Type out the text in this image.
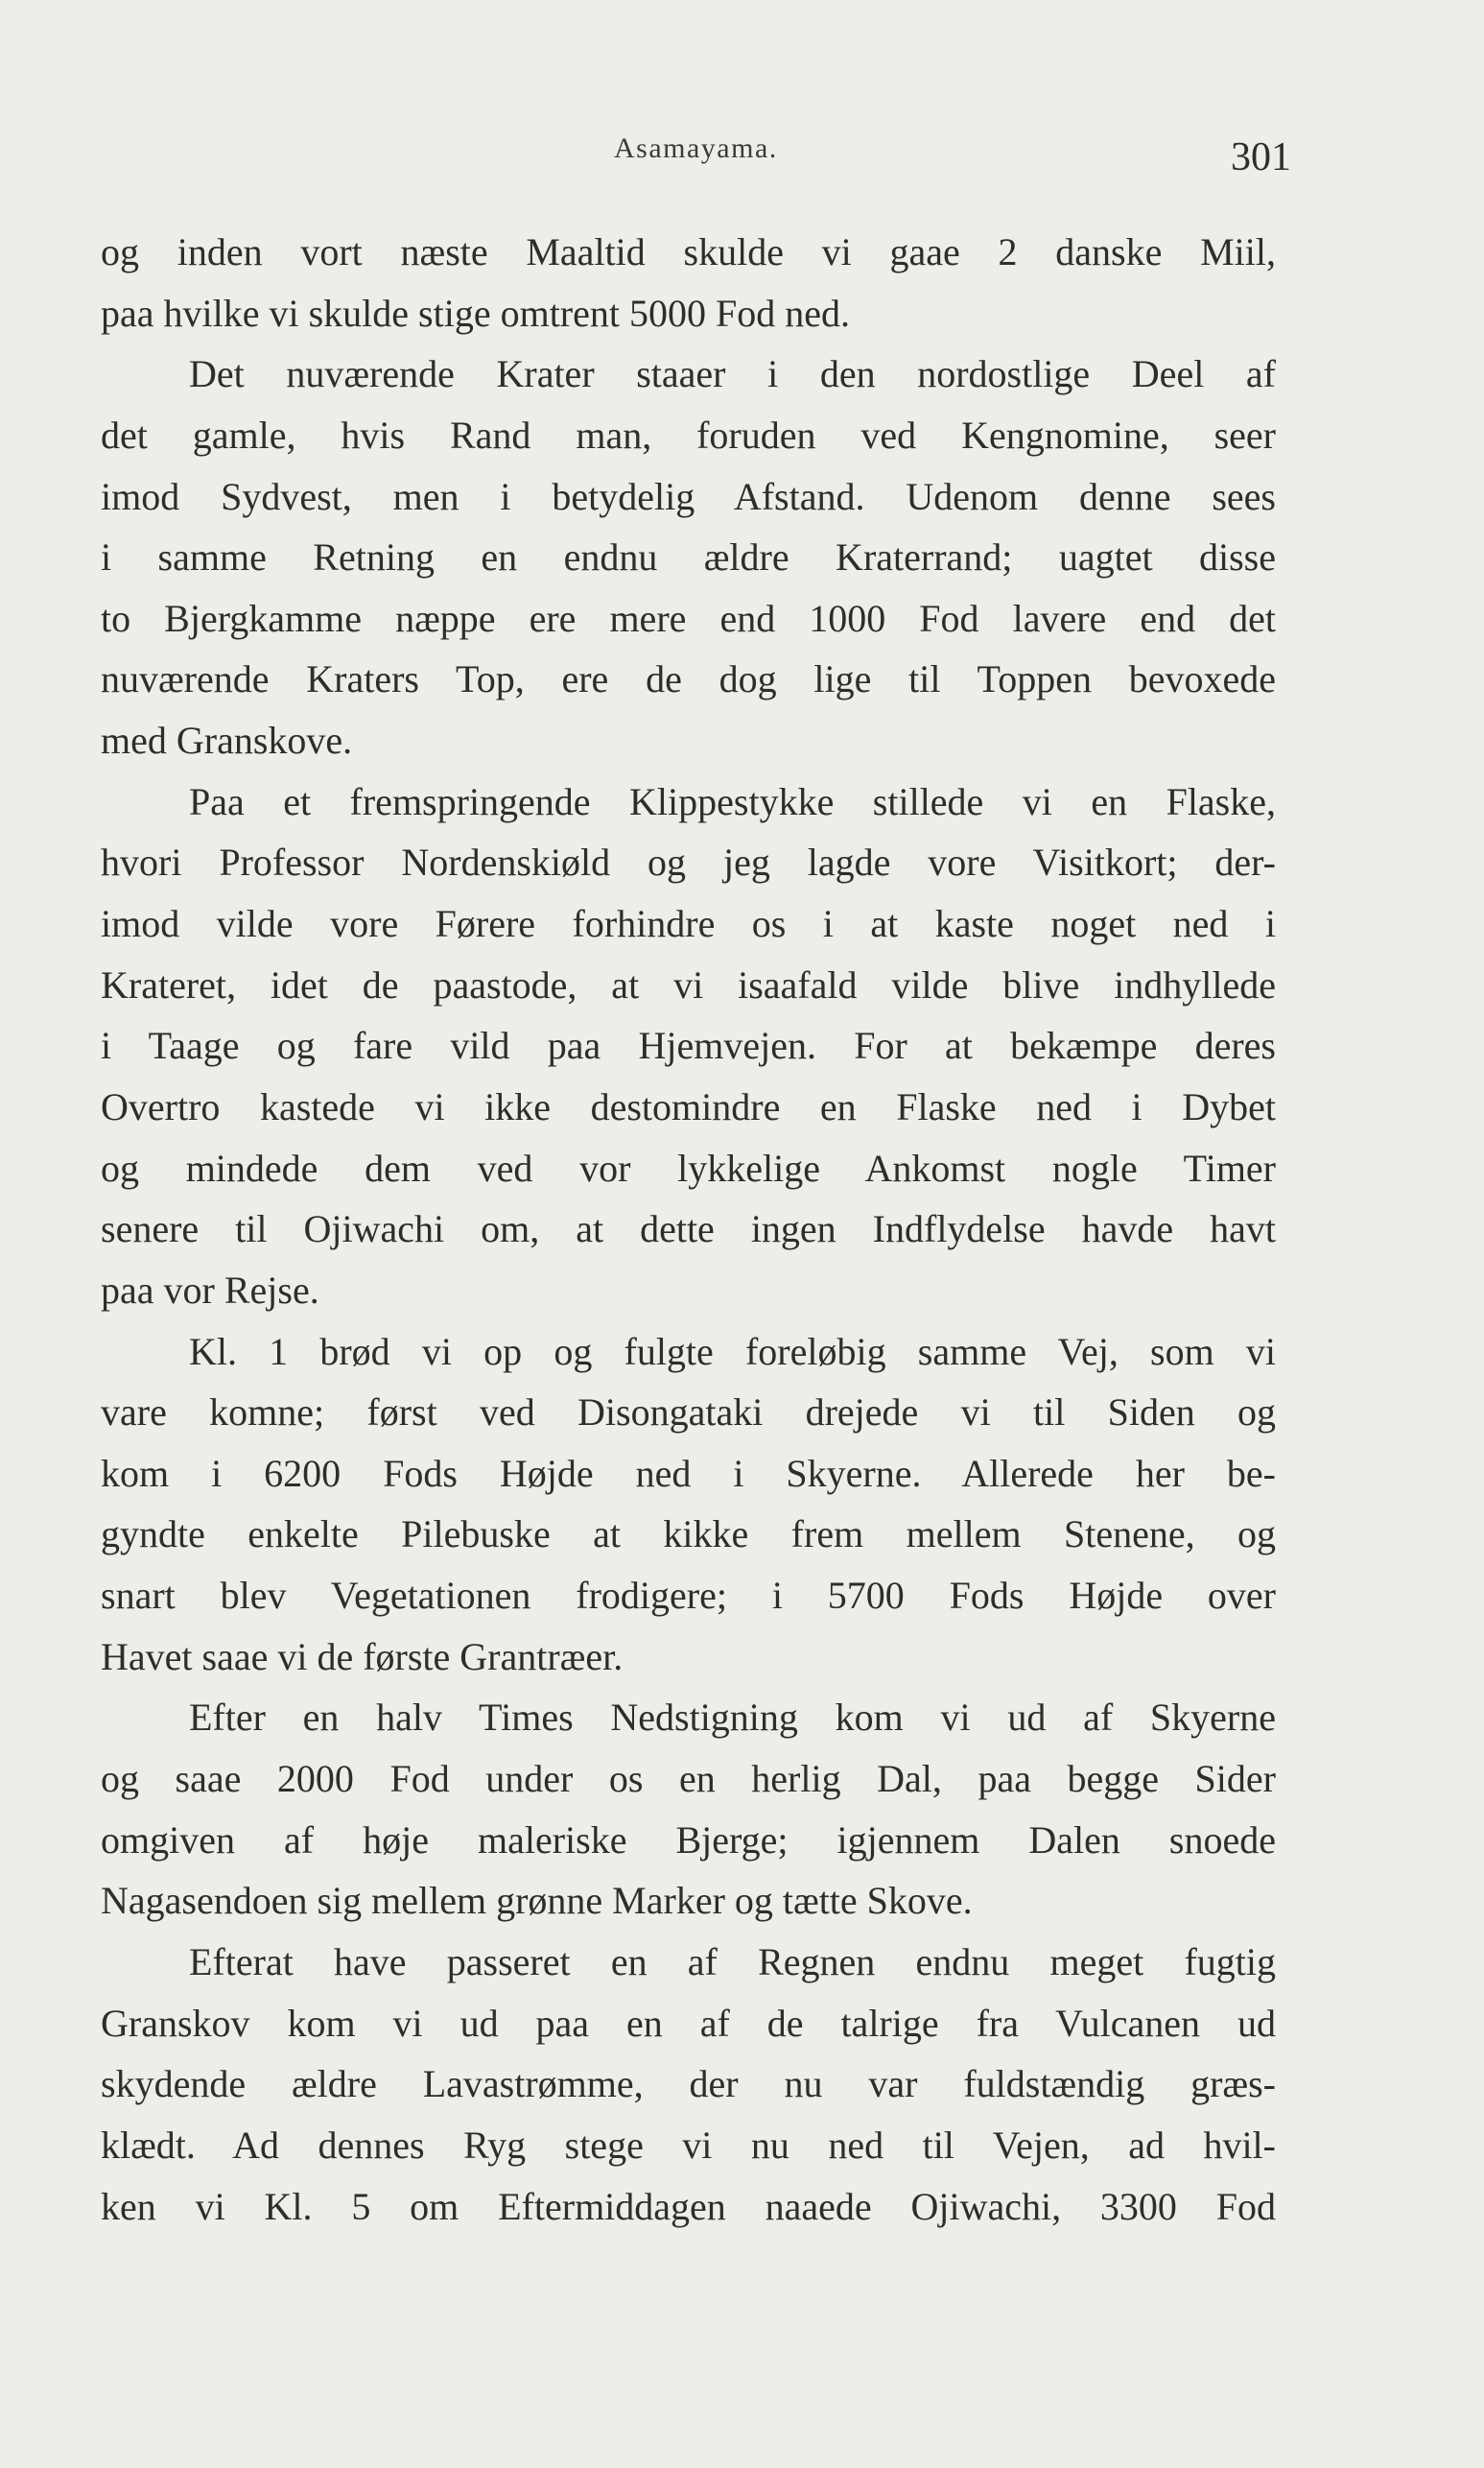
Asamayama.	301
og inden vort næste Maaltid skulde vi gaae 2 danske Miil,
paa hvilke vi skulde stige omtrent 5000 Fod ned.
Det nuværende Krater staaer i den nordostlige Deel af
det gamle, hvis Rand man, foruden ved Kengnomine, seer
imod Sydvest, men i betydelig Afstand. Udenom denne sees
i samme Retning en endnu ældre Kraterrand; uagtet disse
to Bjergkamme næppe ere mere end 1000 Fod lavere end det
nuværende Kraters Top, ere de dog lige til Toppen bevoxede
med Granskove.
Paa et fremspringende Klippestykke stillede vi en Flaske,
hvori Professor Nordenskiøld og jeg lagde vore Visitkort; der-
imod vilde vore Førere forhindre os i at kaste noget ned i
Krateret, idet de paastode, at vi isaafald vilde blive indhyllede
i Taage og fare vild paa Hjemvejen. For at bekæmpe deres
Overtro kastede vi ikke destomindre en Flaske ned i Dybet
og mindede dem ved vor lykkelige Ankomst nogle Timer
senere til Ojiwachi om, at dette ingen Indflydelse havde havt
paa vor Rejse.
Kl. 1 brød vi op og fulgte foreløbig samme Vej, som vi
vare komne; først ved Disongataki drejede vi til Siden og
kom i 6200 Fods Højde ned i Skyerne. Allerede her be-
gyndte enkelte Pilebuske at kikke frem mellem Stenene, og
snart blev Vegetationen frodigere; i 5700 Fods Højde over
Havet saae vi de første Grantræer.
Efter en halv Times Nedstigning kom vi ud af Skyerne
og saae 2000 Fod under os en herlig Dal, paa begge Sider
omgiven af høje maleriske Bjerge; igjennem Dalen snoede
Nagasendoen sig mellem grønne Marker og tætte Skove.
Efterat have passeret en af Regnen endnu meget fugtig
Granskov kom vi ud paa en af de talrige fra Vulcanen ud
skydende ældre Lavastrømme, der nu var fuldstændig græs-
klædt. Ad dennes Ryg stege vi nu ned til Vejen, ad hvil-
ken vi Kl. 5 om Eftermiddagen naaede Ojiwachi, 3300 Fod
